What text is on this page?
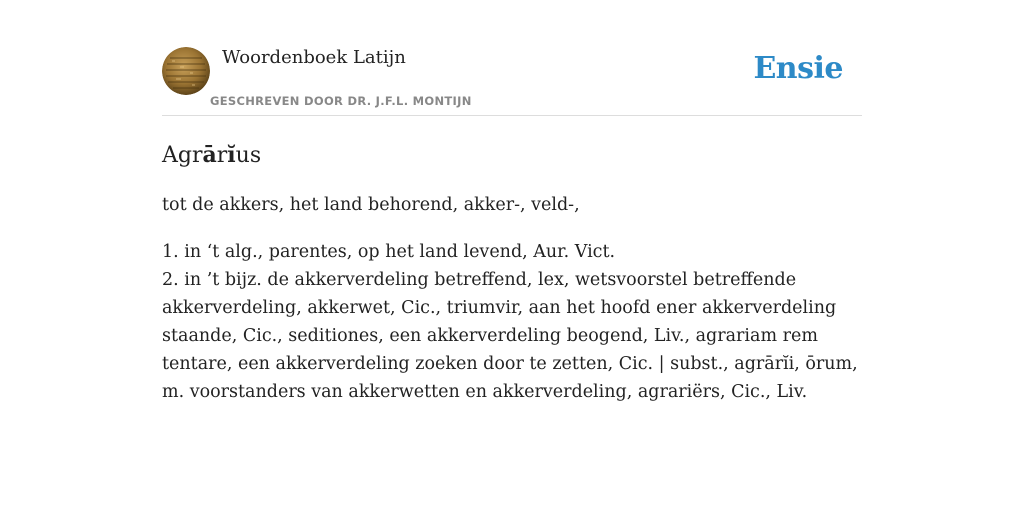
Woordenboek Latijn
GESCHREVEN DOOR DR. J.F.L. MONTIJN
Ensie
Agrārĭus

tot de akkers, het land behorend, akker-, veld-,

1. in ‘t alg., parentes, op het land levend, Aur. Vict.

2. in ’t bijz. de akkerverdeling betreffend, lex, wetsvoorstel betreffende akkerverdeling, akkerwet, Cic., triumvir, aan het hoofd ener akkerverdeling staande, Cic., seditiones, een akkerverdeling beogend, Liv., agrariam rem tentare, een akkerverdeling zoeken door te zetten, Cic. | subst., agrārĭi, ōrum, m. voorstanders van akkerwetten en akkerverdeling, agrariërs, Cic., Liv.
